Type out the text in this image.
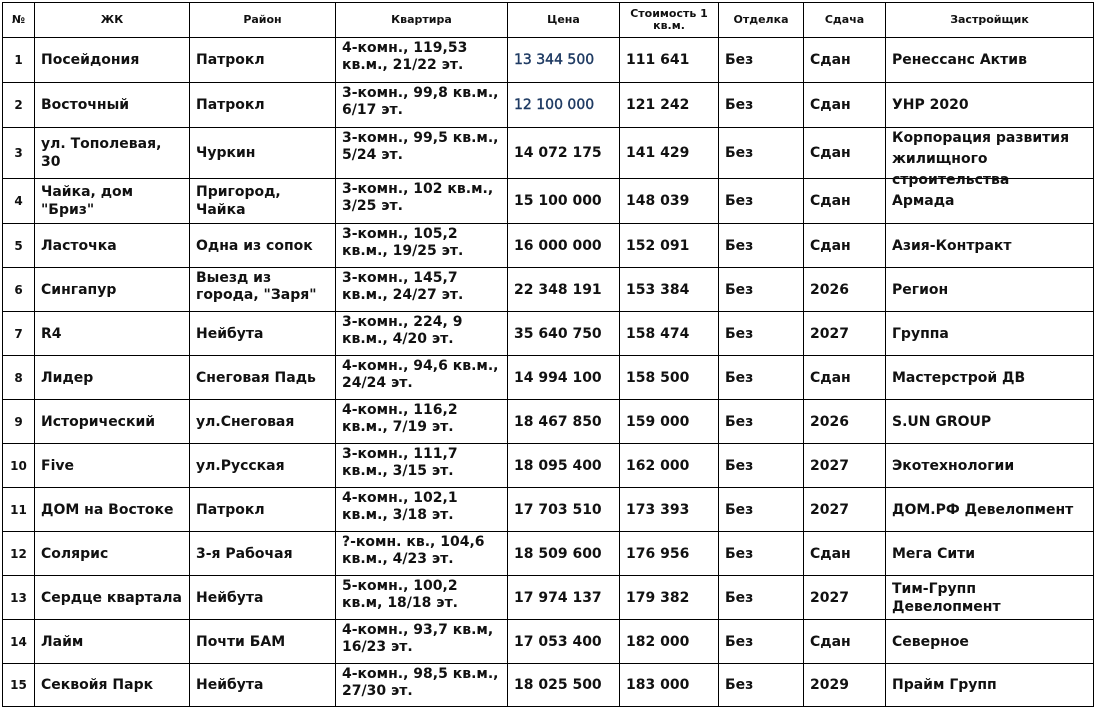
№	ЖК	Район	Квартира	Цена	Стоимость 1 кв.м.	Отделка	Сдача	Застройщик
1	Посейдония	Патрокл	4-комн., 119,53 кв.м., 21/22 эт.	13 344 500	111 641	Без	Сдан	Ренессанс Актив
2	Восточный	Патрокл	3-комн., 99,8 кв.м., 6/17 эт.	12 100 000	121 242	Без	Сдан	УНР 2020
3	ул. Тополевая, 30	Чуркин	3-комн., 99,5 кв.м., 5/24 эт.	14 072 175	141 429	Без	Сдан	Корпорация развития жилищного строительства

4	Чайка, дом "Бриз"	Пригород, Чайка	3-комн., 102 кв.м., 3/25 эт.	15 100 000	148 039	Без	Сдан	Армада
5	Ласточка	Одна из сопок	3-комн., 105,2 кв.м., 19/25 эт.	16 000 000	152 091	Без	Сдан	Азия-Контракт
6	Сингапур	Выезд из города, "Заря"	3-комн., 145,7 кв.м., 24/27 эт.	22 348 191	153 384	Без	2026	Регион
7	R4	Нейбута	3-комн., 224, 9 кв.м., 4/20 эт.	35 640 750	158 474	Без	2027	Группа
8	Лидер	Снеговая Падь	4-комн., 94,6 кв.м., 24/24 эт.	14 994 100	158 500	Без	Сдан	Мастерстрой ДВ
9	Исторический	ул.Снеговая	4-комн., 116,2 кв.м., 7/19 эт.	18 467 850	159 000	Без	2026	S.UN GROUP
10	Five	ул.Русская	3-комн., 111,7 кв.м., 3/15 эт.	18 095 400	162 000	Без	2027	Экотехнологии
11	ДОМ на Востоке	Патрокл	4-комн., 102,1 кв.м., 3/18 эт.	17 703 510	173 393	Без	2027	ДОМ.РФ Девелопмент
12	Солярис	3-я Рабочая	?-комн. кв., 104,6 кв.м., 4/23 эт.	18 509 600	176 956	Без	Сдан	Мега Сити
13	Сердце квартала	Нейбута	5-комн., 100,2 кв.м, 18/18 эт.	17 974 137	179 382	Без	2027	Тим-Групп Девелопмент
14	Лайм	Почти БАМ	4-комн., 93,7 кв.м, 16/23 эт.	17 053 400	182 000	Без	Сдан	Северное
15	Секвойя Парк	Нейбута	4-комн., 98,5 кв.м., 27/30 эт.	18 025 500	183 000	Без	2029	Прайм Групп
